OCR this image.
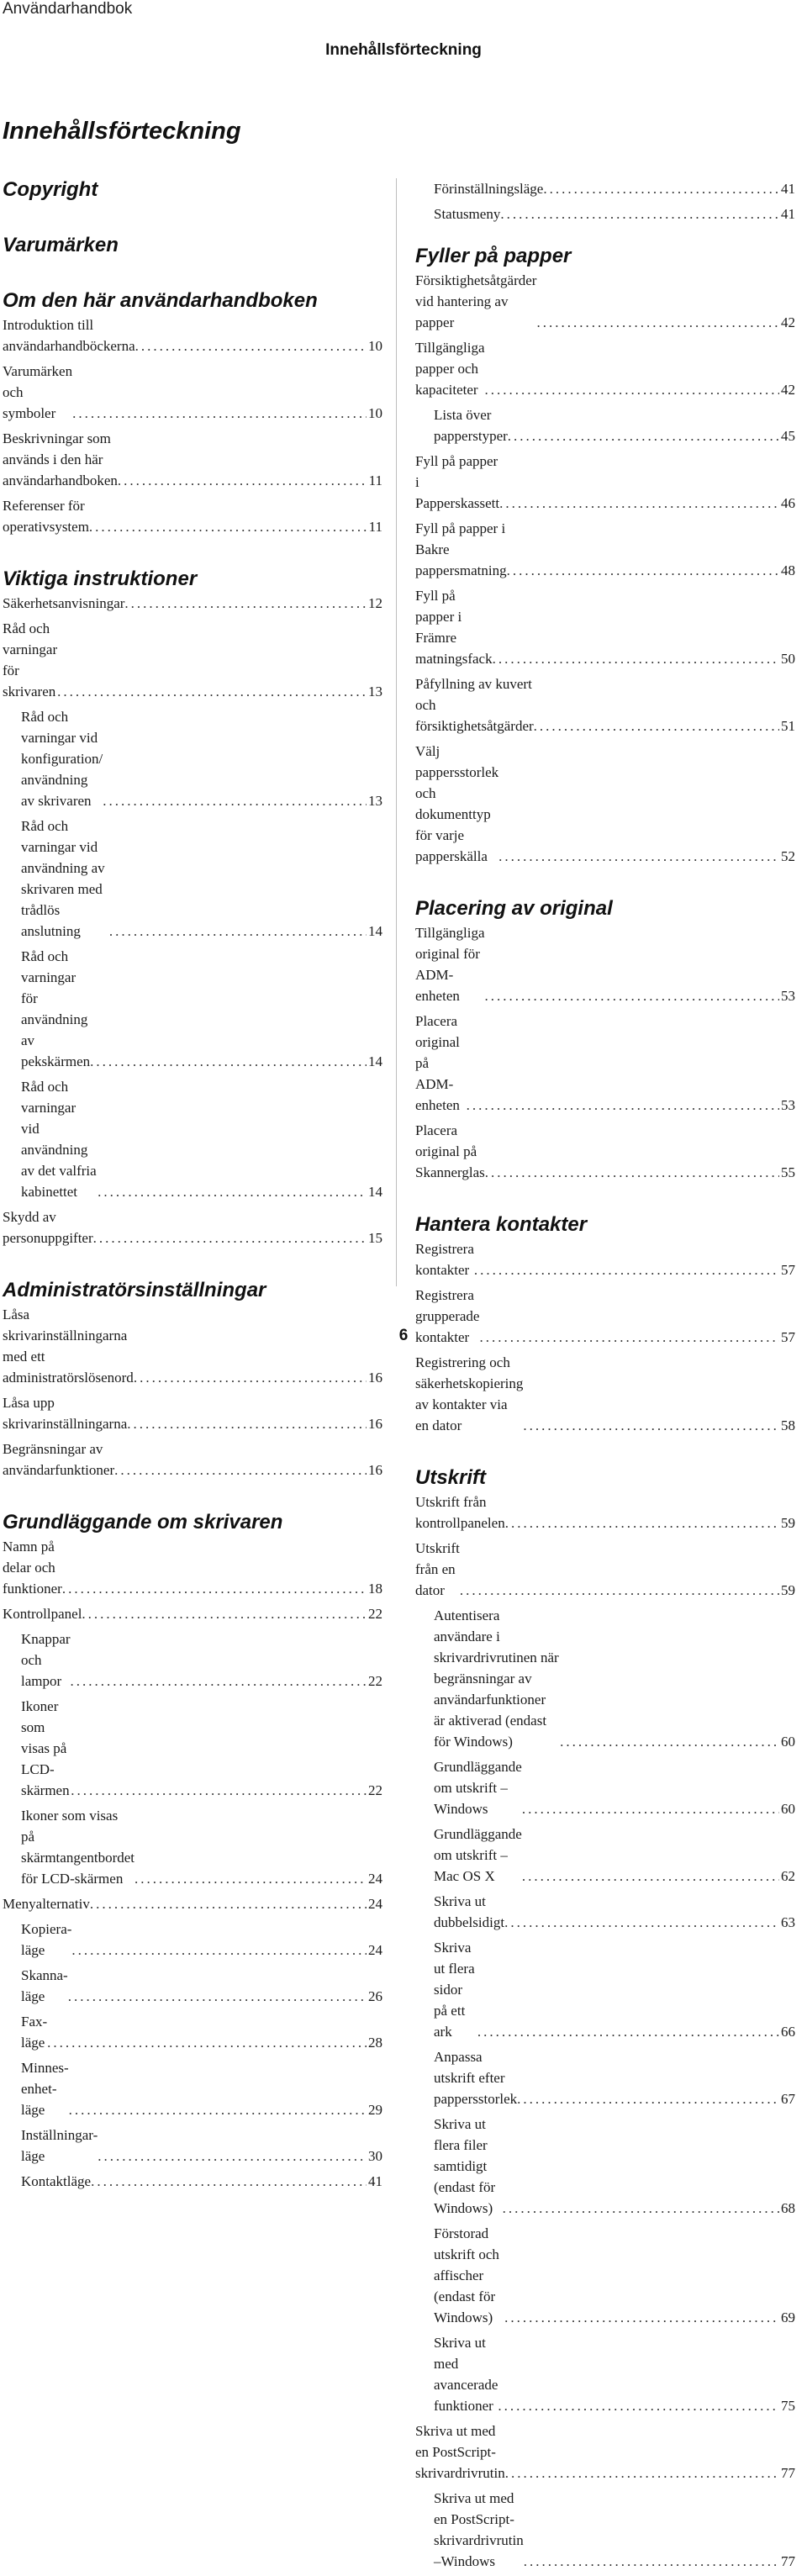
Användarhandbok
Innehållsförteckning
Innehållsförteckning
Copyright
Varumärken
Om den här användarhandboken
Introduktion till användarhandböckerna .....	10
Varumärken och symboler .....	10
Beskrivningar som används i den här användarhandboken .....	11
Referenser för operativsystem .....	11
Viktiga instruktioner
Säkerhetsanvisningar .....	12
Råd och varningar för skrivaren .....	13
Råd och varningar vid konfiguration/ användning av skrivaren .....	13
Råd och varningar vid användning av skrivaren med trådlös anslutning .....	14
Råd och varningar för användning av pekskärmen .....	14
Råd och varningar vid användning av det valfria kabinettet .....	14
Skydd av personuppgifter .....	15
Administratörsinställningar
Låsa skrivarinställningarna med ett administratörslösenord .....	16
Låsa upp skrivarinställningarna .....	16
Begränsningar av användarfunktioner .....	16
Grundläggande om skrivaren
Namn på delar och funktioner .....	18
Kontrollpanel .....	22
Knappar och lampor .....	22
Ikoner som visas på LCD-skärmen .....	22
Ikoner som visas på skärmtangentbordet för LCD-skärmen .....	24
Menyalternativ .....	24
Kopiera-läge .....	24
Skanna-läge .....	26
Fax-läge .....	28
Minnes- enhet-läge .....	29
Inställningar-läge .....	30
Kontaktläge .....	41
Förinställningsläge .....	41
Statusmeny .....	41
Fyller på papper
Försiktighetsåtgärder vid hantering av papper .....	42
Tillgängliga papper och kapaciteter .....	42
Lista över papperstyper .....	45
Fyll på papper i Papperskassett .....	46
Fyll på papper i Bakre pappersmatning .....	48
Fyll på papper i Främre matningsfack .....	50
Påfyllning av kuvert och försiktighetsåtgärder .....	51
Välj pappersstorlek och dokumenttyp för varje papperskälla .....	52
Placering av original
Tillgängliga original för ADM-enheten .....	53
Placera original på ADM-enheten .....	53
Placera original på Skannerglas .....	55
Hantera kontakter
Registrera kontakter .....	57
Registrera grupperade kontakter .....	57
Registrering och säkerhetskopiering av kontakter via en dator .....	58
Utskrift
Utskrift från kontrollpanelen .....	59
Utskrift från en dator .....	59
Autentisera användare i skrivardrivrutinen när begränsningar av användarfunktioner är aktiverad (endast för Windows) .....	60
Grundläggande om utskrift – Windows .....	60
Grundläggande om utskrift – Mac OS X .....	62
Skriva ut dubbelsidigt .....	63
Skriva ut flera sidor på ett ark .....	66
Anpassa utskrift efter pappersstorlek .....	67
Skriva ut flera filer samtidigt (endast för Windows) .....	68
Förstorad utskrift och affischer (endast för Windows) .....	69
Skriva ut med avancerade funktioner .....	75
Skriva ut med en PostScript-skrivardrivrutin .....	77
Skriva ut med en PostScript-skrivardrivrutin –Windows .....	77
6
